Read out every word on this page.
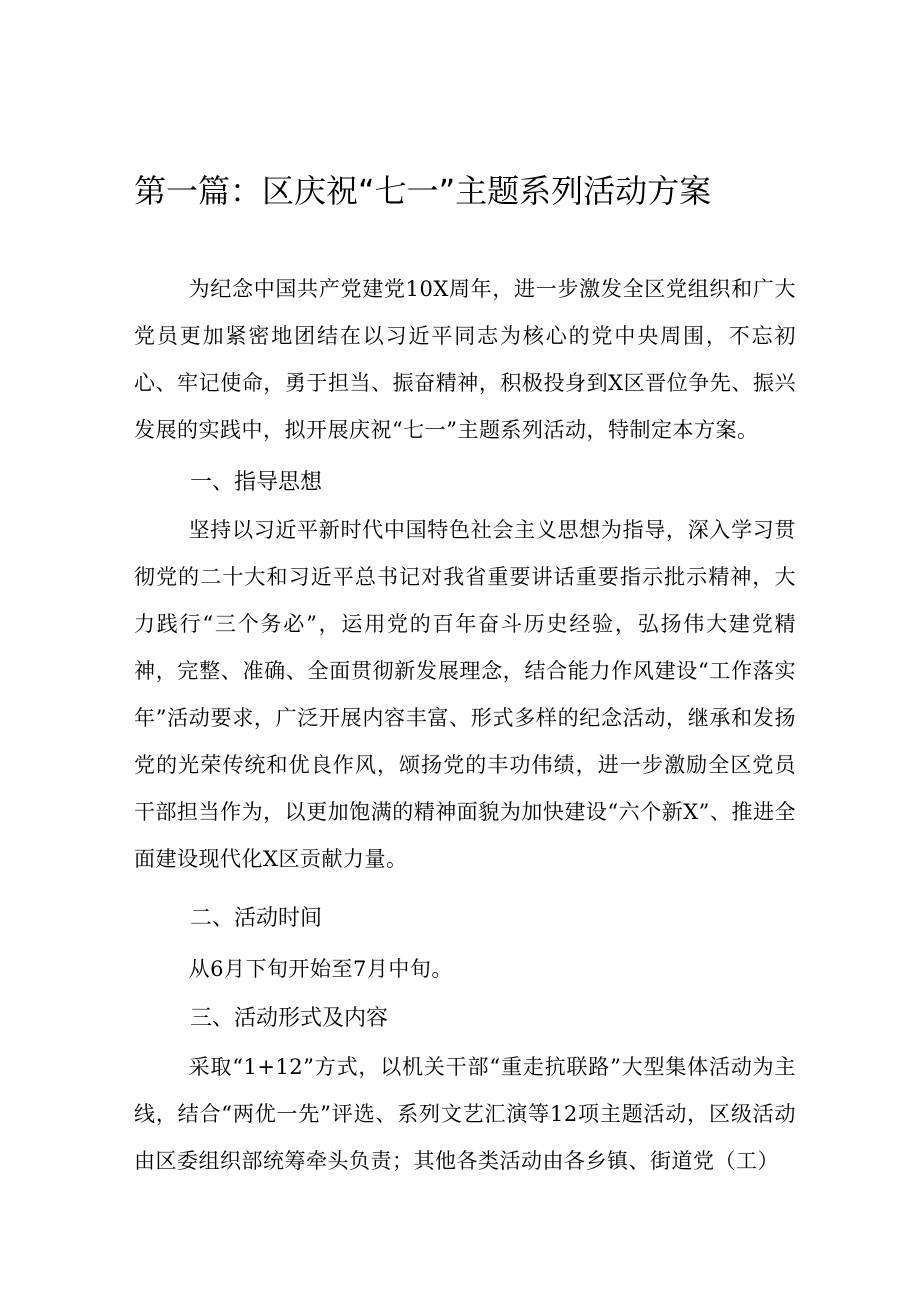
第一篇：区庆祝“七一”主题系列活动方案

为纪念中国共产党建党10X周年，进一步激发全区党组织和广大党员更加紧密地团结在以习近平同志为核心的党中央周围，不忘初心、牢记使命，勇于担当、振奋精神，积极投身到X区晋位争先、振兴发展的实践中，拟开展庆祝“七一”主题系列活动，特制定本方案。

一、指导思想

坚持以习近平新时代中国特色社会主义思想为指导，深入学习贯彻党的二十大和习近平总书记对我省重要讲话重要指示批示精神，大力践行“三个务必”，运用党的百年奋斗历史经验，弘扬伟大建党精神，完整、准确、全面贯彻新发展理念，结合能力作风建设“工作落实年”活动要求，广泛开展内容丰富、形式多样的纪念活动，继承和发扬党的光荣传统和优良作风，颂扬党的丰功伟绩，进一步激励全区党员干部担当作为，以更加饱满的精神面貌为加快建设“六个新X”、推进全面建设现代化X区贡献力量。

二、活动时间

从6月下旬开始至7月中旬。

三、活动形式及内容

采取“1+12”方式，以机关干部“重走抗联路”大型集体活动为主线，结合“两优一先”评选、系列文艺汇演等12项主题活动，区级活动由区委组织部统筹牵头负责；其他各类活动由各乡镇、街道党（工）
